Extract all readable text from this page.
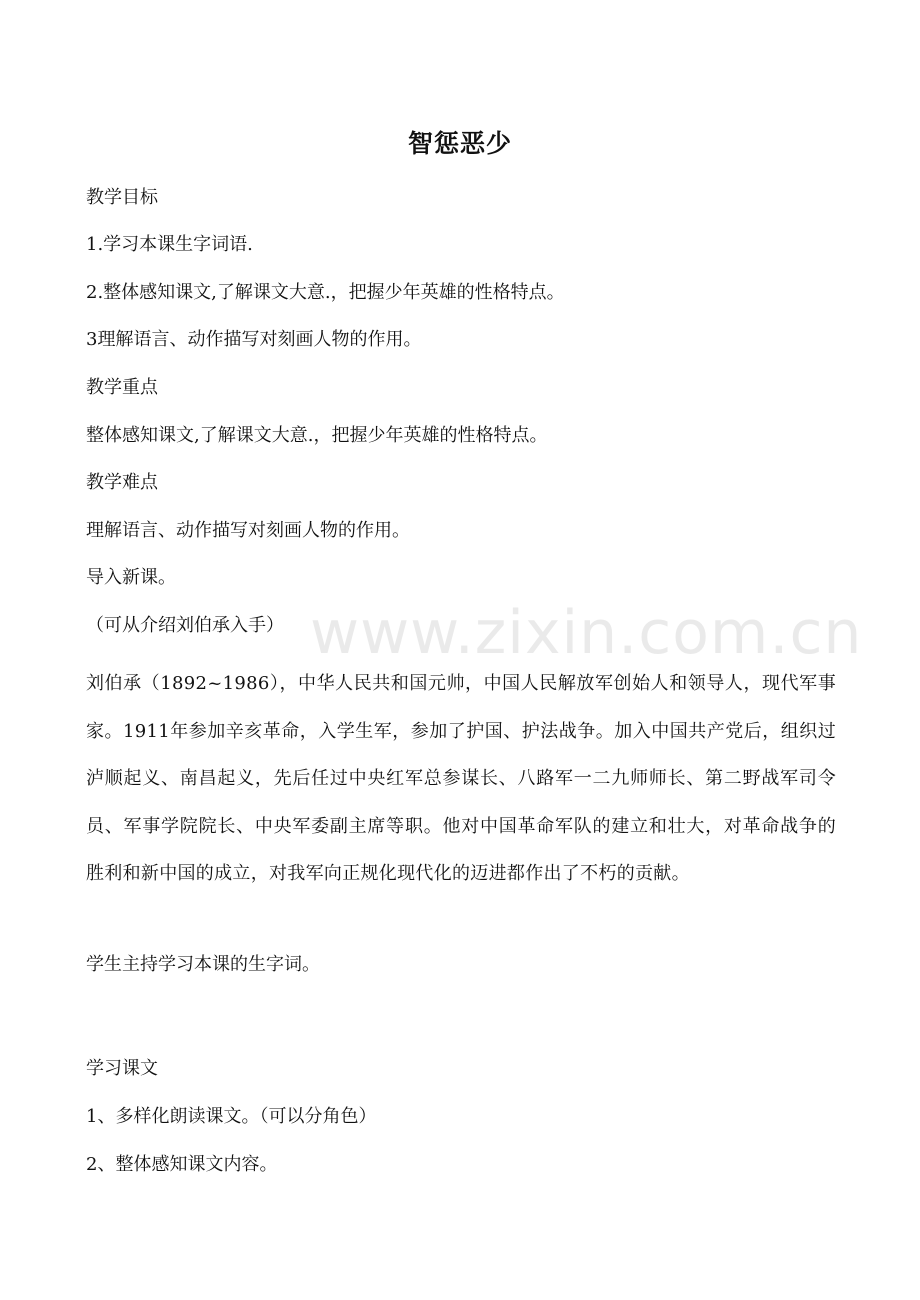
www.zixin.com.cn
智惩恶少
教学目标
1.学习本课生字词语.
2.整体感知课文,了解课文大意.，把握少年英雄的性格特点。
3理解语言、动作描写对刻画人物的作用。
教学重点
整体感知课文,了解课文大意.，把握少年英雄的性格特点。
教学难点
理解语言、动作描写对刻画人物的作用。
导入新课。
（可从介绍刘伯承入手）
刘伯承（1892~1986），中华人民共和国元帅，中国人民解放军创始人和领导人，现代军事家。1911年参加辛亥革命，入学生军，参加了护国、护法战争。加入中国共产党后，组织过泸顺起义、南昌起义，先后任过中央红军总参谋长、八路军一二九师师长、第二野战军司令员、军事学院院长、中央军委副主席等职。他对中国革命军队的建立和壮大，对革命战争的胜利和新中国的成立，对我军向正规化现代化的迈进都作出了不朽的贡献。
学生主持学习本课的生字词。
学习课文
1、多样化朗读课文。（可以分角色）
2、整体感知课文内容。
